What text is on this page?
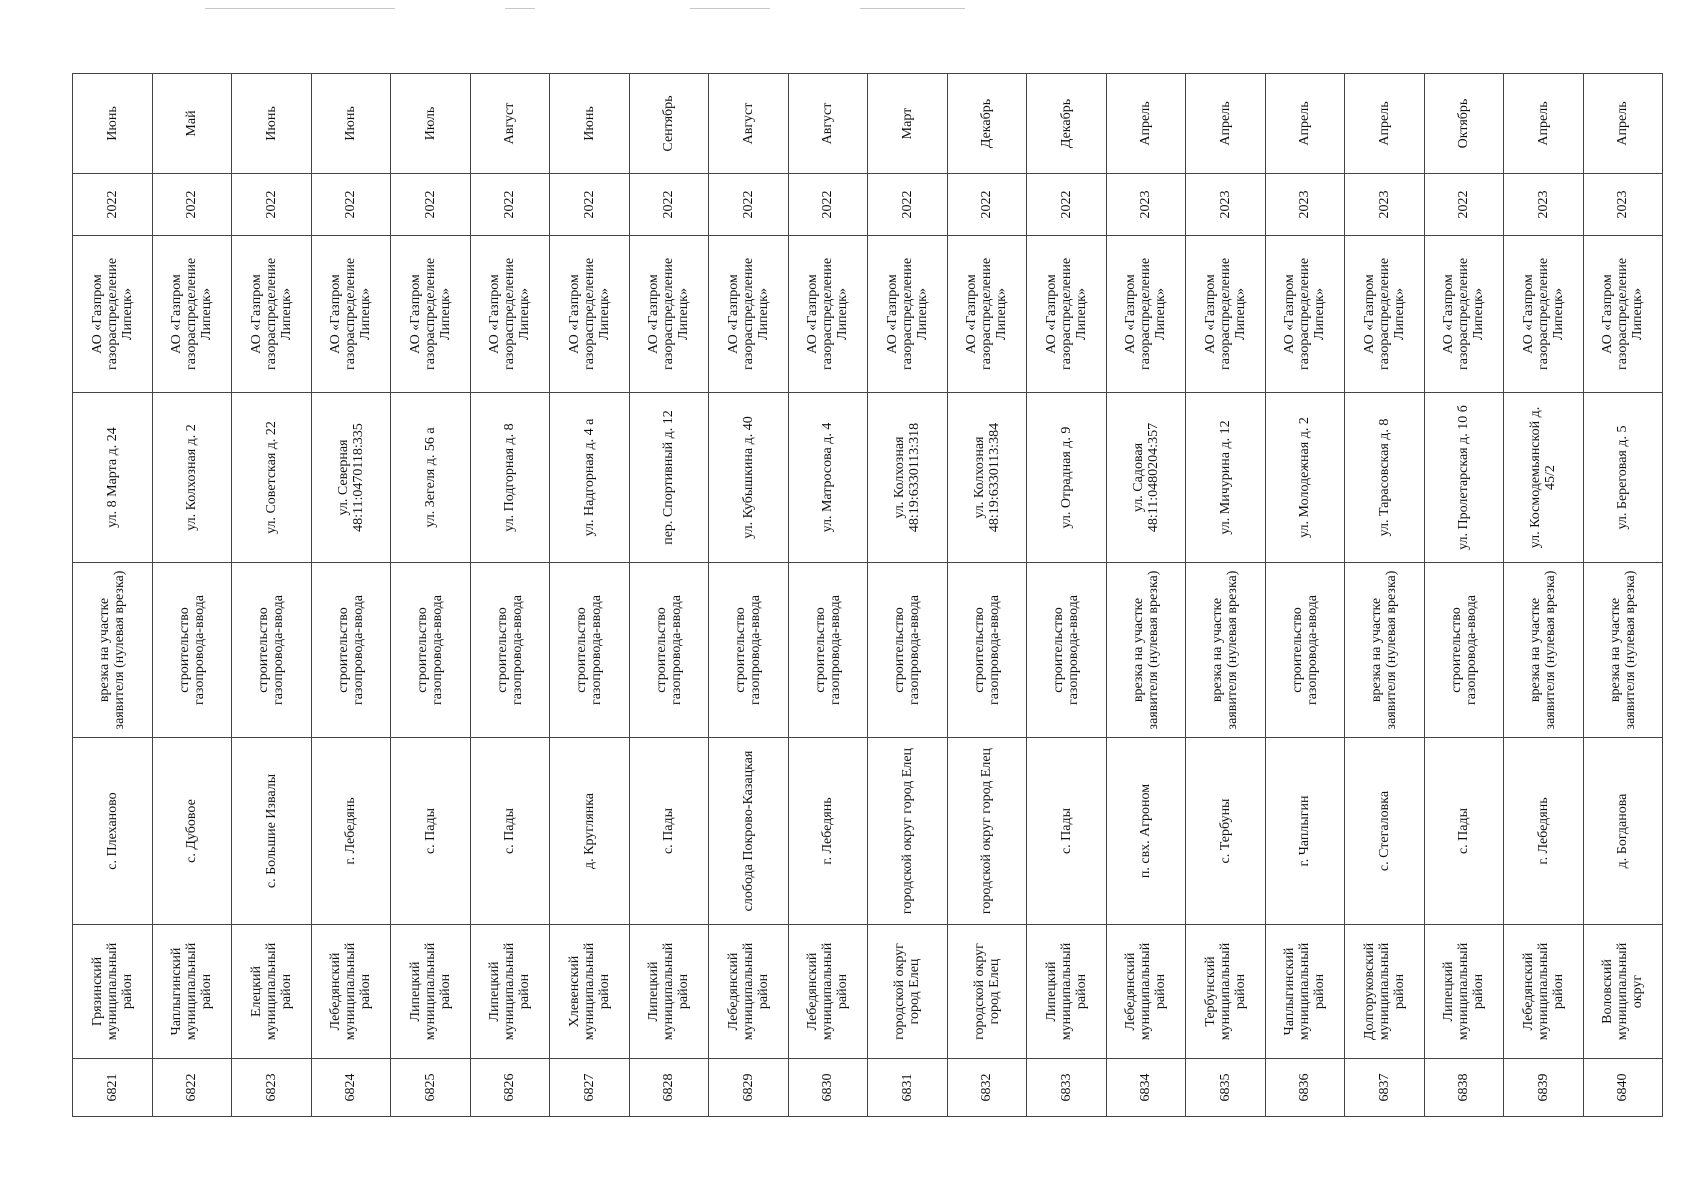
6821	Грязинский муниципальный район	с. Плеханово	врезка на участке заявителя (нулевая врезка)	ул. 8 Марта д. 24	АО «Газпром газораспределение Липецк»	2022	Июнь
6822	Чаплыгинский муниципальный район	с. Дубовое	строительство газопровода-ввода	ул. Колхозная д. 2	АО «Газпром газораспределение Липецк»	2022	Май
6823	Елецкий муниципальный район	с. Большие Извалы	строительство газопровода-ввода	ул. Советская д. 22	АО «Газпром газораспределение Липецк»	2022	Июнь
6824	Лебедянский муниципальный район	г. Лебедянь	строительство газопровода-ввода	ул. Северная 48:11:0470118:335	АО «Газпром газораспределение Липецк»	2022	Июнь
6825	Липецкий муниципальный район	с. Пады	строительство газопровода-ввода	ул. Зегеля д. 56 а	АО «Газпром газораспределение Липецк»	2022	Июль
6826	Липецкий муниципальный район	с. Пады	строительство газопровода-ввода	ул. Подгорная д. 8	АО «Газпром газораспределение Липецк»	2022	Август
6827	Хлевенский муниципальный район	д. Круглянка	строительство газопровода-ввода	ул. Надгорная д. 4 а	АО «Газпром газораспределение Липецк»	2022	Июнь
6828	Липецкий муниципальный район	с. Пады	строительство газопровода-ввода	пер. Спортивный д. 12	АО «Газпром газораспределение Липецк»	2022	Сентябрь
6829	Лебедянский муниципальный район	слобода Покрово-Казацкая	строительство газопровода-ввода	ул. Кубышкина д. 40	АО «Газпром газораспределение Липецк»	2022	Август
6830	Лебедянский муниципальный район	г. Лебедянь	строительство газопровода-ввода	ул. Матросова д. 4	АО «Газпром газораспределение Липецк»	2022	Август
6831	городской округ город Елец	городской округ город Елец	строительство газопровода-ввода	ул. Колхозная 48:19:6330113:318	АО «Газпром газораспределение Липецк»	2022	Март
6832	городской округ город Елец	городской округ город Елец	строительство газопровода-ввода	ул. Колхозная 48:19:6330113:384	АО «Газпром газораспределение Липецк»	2022	Декабрь
6833	Липецкий муниципальный район	с. Пады	строительство газопровода-ввода	ул. Отрадная д. 9	АО «Газпром газораспределение Липецк»	2022	Декабрь
6834	Лебедянский муниципальный район	п. свх. Агроном	врезка на участке заявителя (нулевая врезка)	ул. Садовая 48:11:0480204:357	АО «Газпром газораспределение Липецк»	2023	Апрель
6835	Тербунский муниципальный район	с. Тербуны	врезка на участке заявителя (нулевая врезка)	ул. Мичурина д. 12	АО «Газпром газораспределение Липецк»	2023	Апрель
6836	Чаплыгинский муниципальный район	г. Чаплыгин	строительство газопровода-ввода	ул. Молодежная д. 2	АО «Газпром газораспределение Липецк»	2023	Апрель
6837	Долгоруковский муниципальный район	с. Стегаловка	врезка на участке заявителя (нулевая врезка)	ул. Тарасовская д. 8	АО «Газпром газораспределение Липецк»	2023	Апрель
6838	Липецкий муниципальный район	с. Пады	строительство газопровода-ввода	ул. Пролетарская д. 10 б	АО «Газпром газораспределение Липецк»	2022	Октябрь
6839	Лебедянский муниципальный район	г. Лебедянь	врезка на участке заявителя (нулевая врезка)	ул. Космодемьянской д. 45/2	АО «Газпром газораспределение Липецк»	2023	Апрель
6840	Воловский муниципальный округ	д. Богданова	врезка на участке заявителя (нулевая врезка)	ул. Береговая д. 5	АО «Газпром газораспределение Липецк»	2023	Апрель
